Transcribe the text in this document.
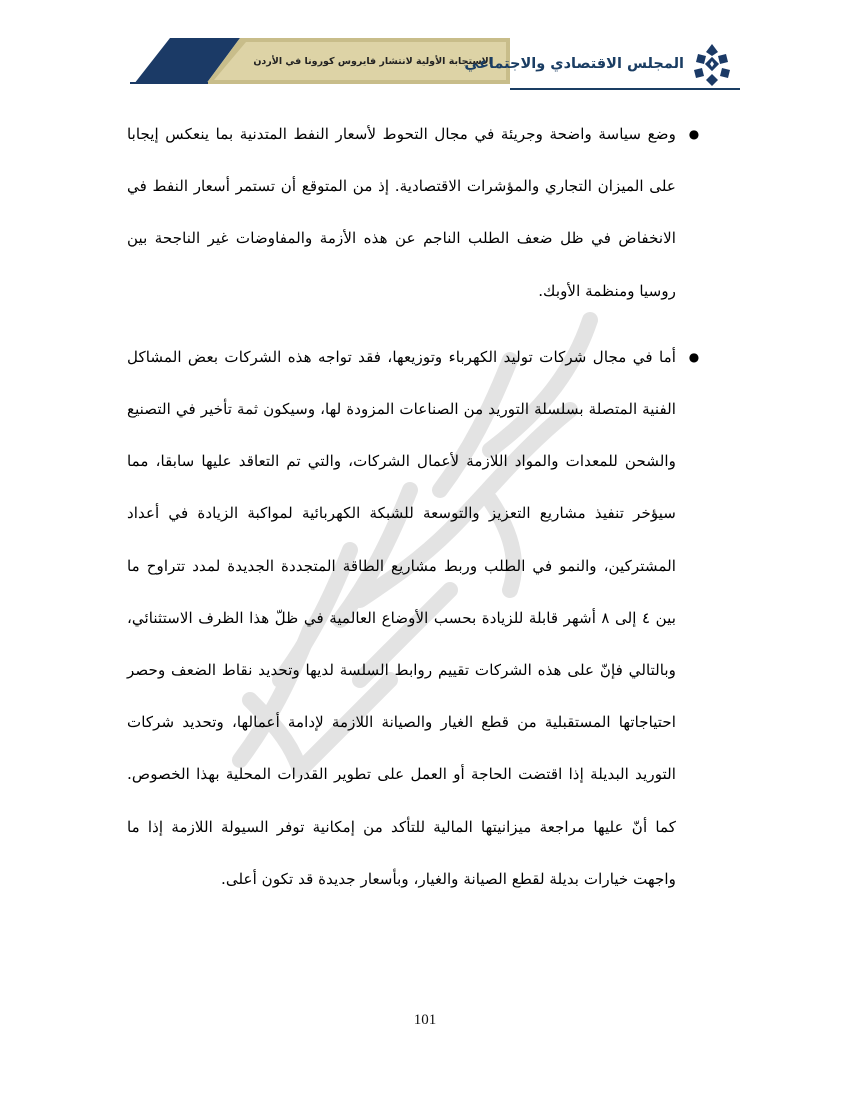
الاستجابة الأولية لانتشار فايروس كورونا في الأردن
المجلس الاقتصادي والاجتماعي

●
وضع سياسة واضحة وجريئة في مجال التحوط لأسعار النفط المتدنية بما ينعكس إيجابا على الميزان التجاري والمؤشرات الاقتصادية. إذ من المتوقع أن تستمر أسعار النفط في الانخفاض في ظل ضعف الطلب الناجم عن هذه الأزمة والمفاوضات غير الناجحة بين روسيا ومنظمة الأوبك.

●
أما في مجال شركات توليد الكهرباء وتوزيعها، فقد تواجه هذه الشركات بعض المشاكل الفنية المتصلة بسلسلة التوريد من الصناعات المزودة لها، وسيكون ثمة تأخير في التصنيع والشحن للمعدات والمواد اللازمة لأعمال الشركات، والتي تم التعاقد عليها سابقا، مما سيؤخر تنفيذ مشاريع التعزيز والتوسعة للشبكة الكهربائية لمواكبة الزيادة في أعداد المشتركين، والنمو في الطلب وربط مشاريع الطاقة المتجددة الجديدة لمدد تتراوح ما بين ٤ إلى ٨ أشهر قابلة للزيادة بحسب الأوضاع العالمية في ظلّ هذا الظرف الاستثنائي، وبالتالي فإنّ على هذه الشركات تقييم روابط السلسة لديها وتحديد نقاط الضعف وحصر احتياجاتها المستقبلية من قطع الغيار والصيانة اللازمة لإدامة أعمالها، وتحديد شركات التوريد البديلة إذا اقتضت الحاجة أو العمل على تطوير القدرات المحلية بهذا الخصوص. كما أنّ عليها مراجعة ميزانيتها المالية للتأكد من إمكانية توفر السيولة اللازمة إذا ما واجهت خيارات بديلة لقطع الصيانة والغيار، وبأسعار جديدة قد تكون أعلى.

101
